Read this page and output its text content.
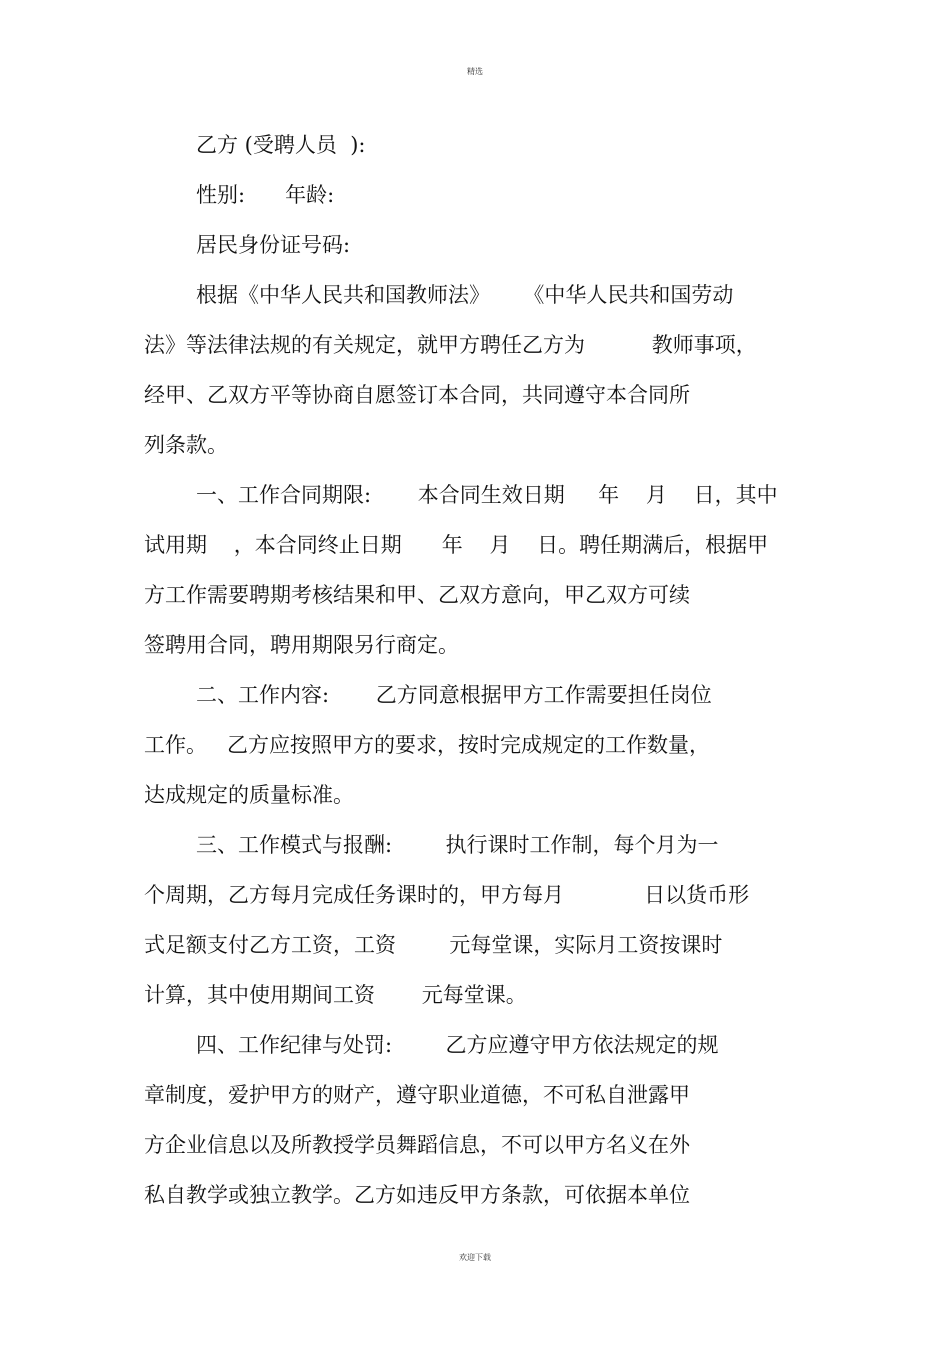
精选
乙方 (受聘人员  ):
性别:      年龄:
居民身份证号码:
根据《中华人民共和国教师法》     《中华人民共和国劳动
法》等法律法规的有关规定，就甲方聘任乙方为          教师事项，
经甲、乙双方平等协商自愿签订本合同，共同遵守本合同所
列条款。
一、工作合同期限:       本合同生效日期     年    月    日，其中
试用期    ，本合同终止日期      年    月    日。聘任期满后，根据甲
方工作需要聘期考核结果和甲、乙双方意向，甲乙双方可续
签聘用合同，聘用期限另行商定。
二、工作内容:       乙方同意根据甲方工作需要担任岗位
工作。   乙方应按照甲方的要求，按时完成规定的工作数量，
达成规定的质量标准。
三、工作模式与报酬:        执行课时工作制，每个月为一
个周期，乙方每月完成任务课时的，甲方每月            日以货币形
式足额支付乙方工资，工资        元每堂课，实际月工资按课时
计算，其中使用期间工资       元每堂课。
四、工作纪律与处罚:        乙方应遵守甲方依法规定的规
章制度，爱护甲方的财产，遵守职业道德，不可私自泄露甲
方企业信息以及所教授学员舞蹈信息，不可以甲方名义在外
私自教学或独立教学。乙方如违反甲方条款，可依据本单位
欢迎下载
